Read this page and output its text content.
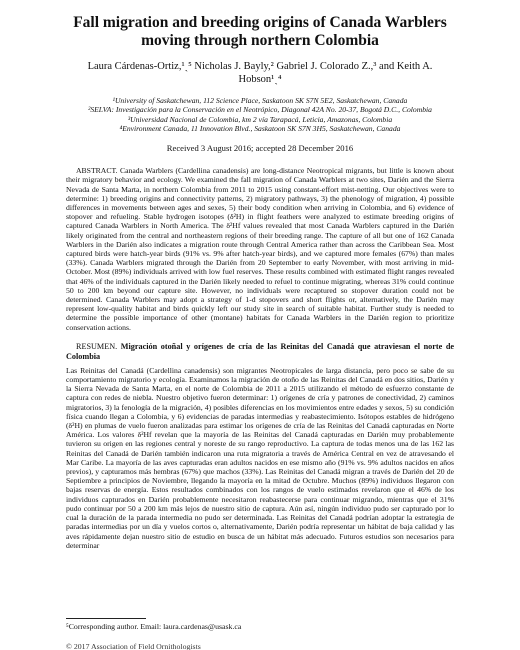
Fall migration and breeding origins of Canada Warblers
moving through northern Colombia
Laura Cárdenas-Ortiz,¹ˎ⁵ Nicholas J. Bayly,² Gabriel J. Colorado Z.,³ and Keith A.
Hobson¹ˎ⁴
¹University of Saskatchewan, 112 Science Place, Saskatoon SK S7N 5E2, Saskatchewan, Canada
²SELVA: Investigación para la Conservación en el Neotrópico, Diagonal 42A No. 20-37, Bogotá D.C., Colombia
³Universidad Nacional de Colombia, km 2 vía Tarapacá, Leticia, Amazonas, Colombia
⁴Environment Canada, 11 Innovation Blvd., Saskatoon SK S7N 3H5, Saskatchewan, Canada
Received 3 August 2016; accepted 28 December 2016

ABSTRACT. Canada Warblers (Cardellina canadensis) are long-distance Neotropical migrants, but little is known about their migratory behavior and ecology. We examined the fall migration of Canada Warblers at two sites, Darién and the Sierra Nevada de Santa Marta, in northern Colombia from 2011 to 2015 using constant-effort mist-netting. Our objectives were to determine: 1) breeding origins and connectivity patterns, 2) migratory pathways, 3) the phenology of migration, 4) possible differences in movements between ages and sexes, 5) their body condition when arriving in Colombia, and 6) evidence of stopover and refueling. Stable hydrogen isotopes (δ²H) in flight feathers were analyzed to estimate breeding origins of captured Canada Warblers in North America. The δ²Hf values revealed that most Canada Warblers captured in the Darién likely originated from the central and northeastern regions of their breeding range. The capture of all but one of 162 Canada Warblers in the Darién also indicates a migration route through Central America rather than across the Caribbean Sea. Most captured birds were hatch-year birds (91% vs. 9% after hatch-year birds), and we captured more females (67%) than males (33%). Canada Warblers migrated through the Darién from 20 September to early November, with most arriving in mid-October. Most (89%) individuals arrived with low fuel reserves. These results combined with estimated flight ranges revealed that 46% of the individuals captured in the Darién likely needed to refuel to continue migrating, whereas 31% could continue 50 to 200 km beyond our capture site. However, no individuals were recaptured so stopover duration could not be determined. Canada Warblers may adopt a strategy of 1-d stopovers and short flights or, alternatively, the Darién may represent low-quality habitat and birds quickly left our study site in search of suitable habitat. Further study is needed to determine the possible importance of other (montane) habitats for Canada Warblers in the Darién region to prioritize conservation actions.

RESUMEN. Migración otoñal y orígenes de cría de las Reinitas del Canadá que atraviesan el norte de Colombia

Las Reinitas del Canadá (Cardellina canadensis) son migrantes Neotropicales de larga distancia, pero poco se sabe de su comportamiento migratorio y ecología. Examinamos la migración de otoño de las Reinitas del Canadá en dos sitios, Darién y la Sierra Nevada de Santa Marta, en el norte de Colombia de 2011 a 2015 utilizando el método de esfuerzo constante de captura con redes de niebla. Nuestro objetivo fueron determinar: 1) orígenes de cría y patrones de conectividad, 2) caminos migratorios, 3) la fenología de la migración, 4) posibles diferencias en los movimientos entre edades y sexos, 5) su condición física cuando llegan a Colombia, y 6) evidencias de paradas intermedias y reabastecimiento. Isótopos estables de hidrógeno (δ²H) en plumas de vuelo fueron analizadas para estimar los orígenes de cría de las Reinitas del Canadá capturadas en Norte América. Los valores δ²Hf revelan que la mayoría de las Reinitas del Canadá capturadas en Darién muy probablemente tuvieron su origen en las regiones central y noreste de su rango reproductivo. La captura de todas menos una de las 162 las Reinitas del Canadá de Darién también indicaron una ruta migratoria a través de América Central en vez de atravesando el Mar Caribe. La mayoría de las aves capturadas eran adultos nacidos en ese mismo año (91% vs. 9% adultos nacidos en años previos), y capturamos más hembras (67%) que machos (33%). Las Reinitas del Canadá migran a través de Darién del 20 de Septiembre a principios de Noviembre, llegando la mayoría en la mitad de Octubre. Muchos (89%) individuos llegaron con bajas reservas de energía. Estos resultados combinados con los rangos de vuelo estimados revelaron que el 46% de los individuos capturados en Darién probablemente necesitaron reabastecerse para continuar migrando, mientras que el 31% pudo continuar por 50 a 200 km más lejos de nuestro sitio de captura. Aún así, ningún individuo pudo ser capturado por lo cual la duración de la parada intermedia no pudo ser determinada. Las Reinitas del Canadá podrían adoptar la estrategia de paradas intermedias por un día y vuelos cortos o, alternativamente, Darién podría representar un hábitat de baja calidad y las aves rápidamente dejan nuestro sitio de estudio en busca de un hábitat más adecuado. Futuros estudios son necesarios para determinar

⁵Corresponding author. Email: laura.cardenas@usask.ca
© 2017 Association of Field Ornithologists
